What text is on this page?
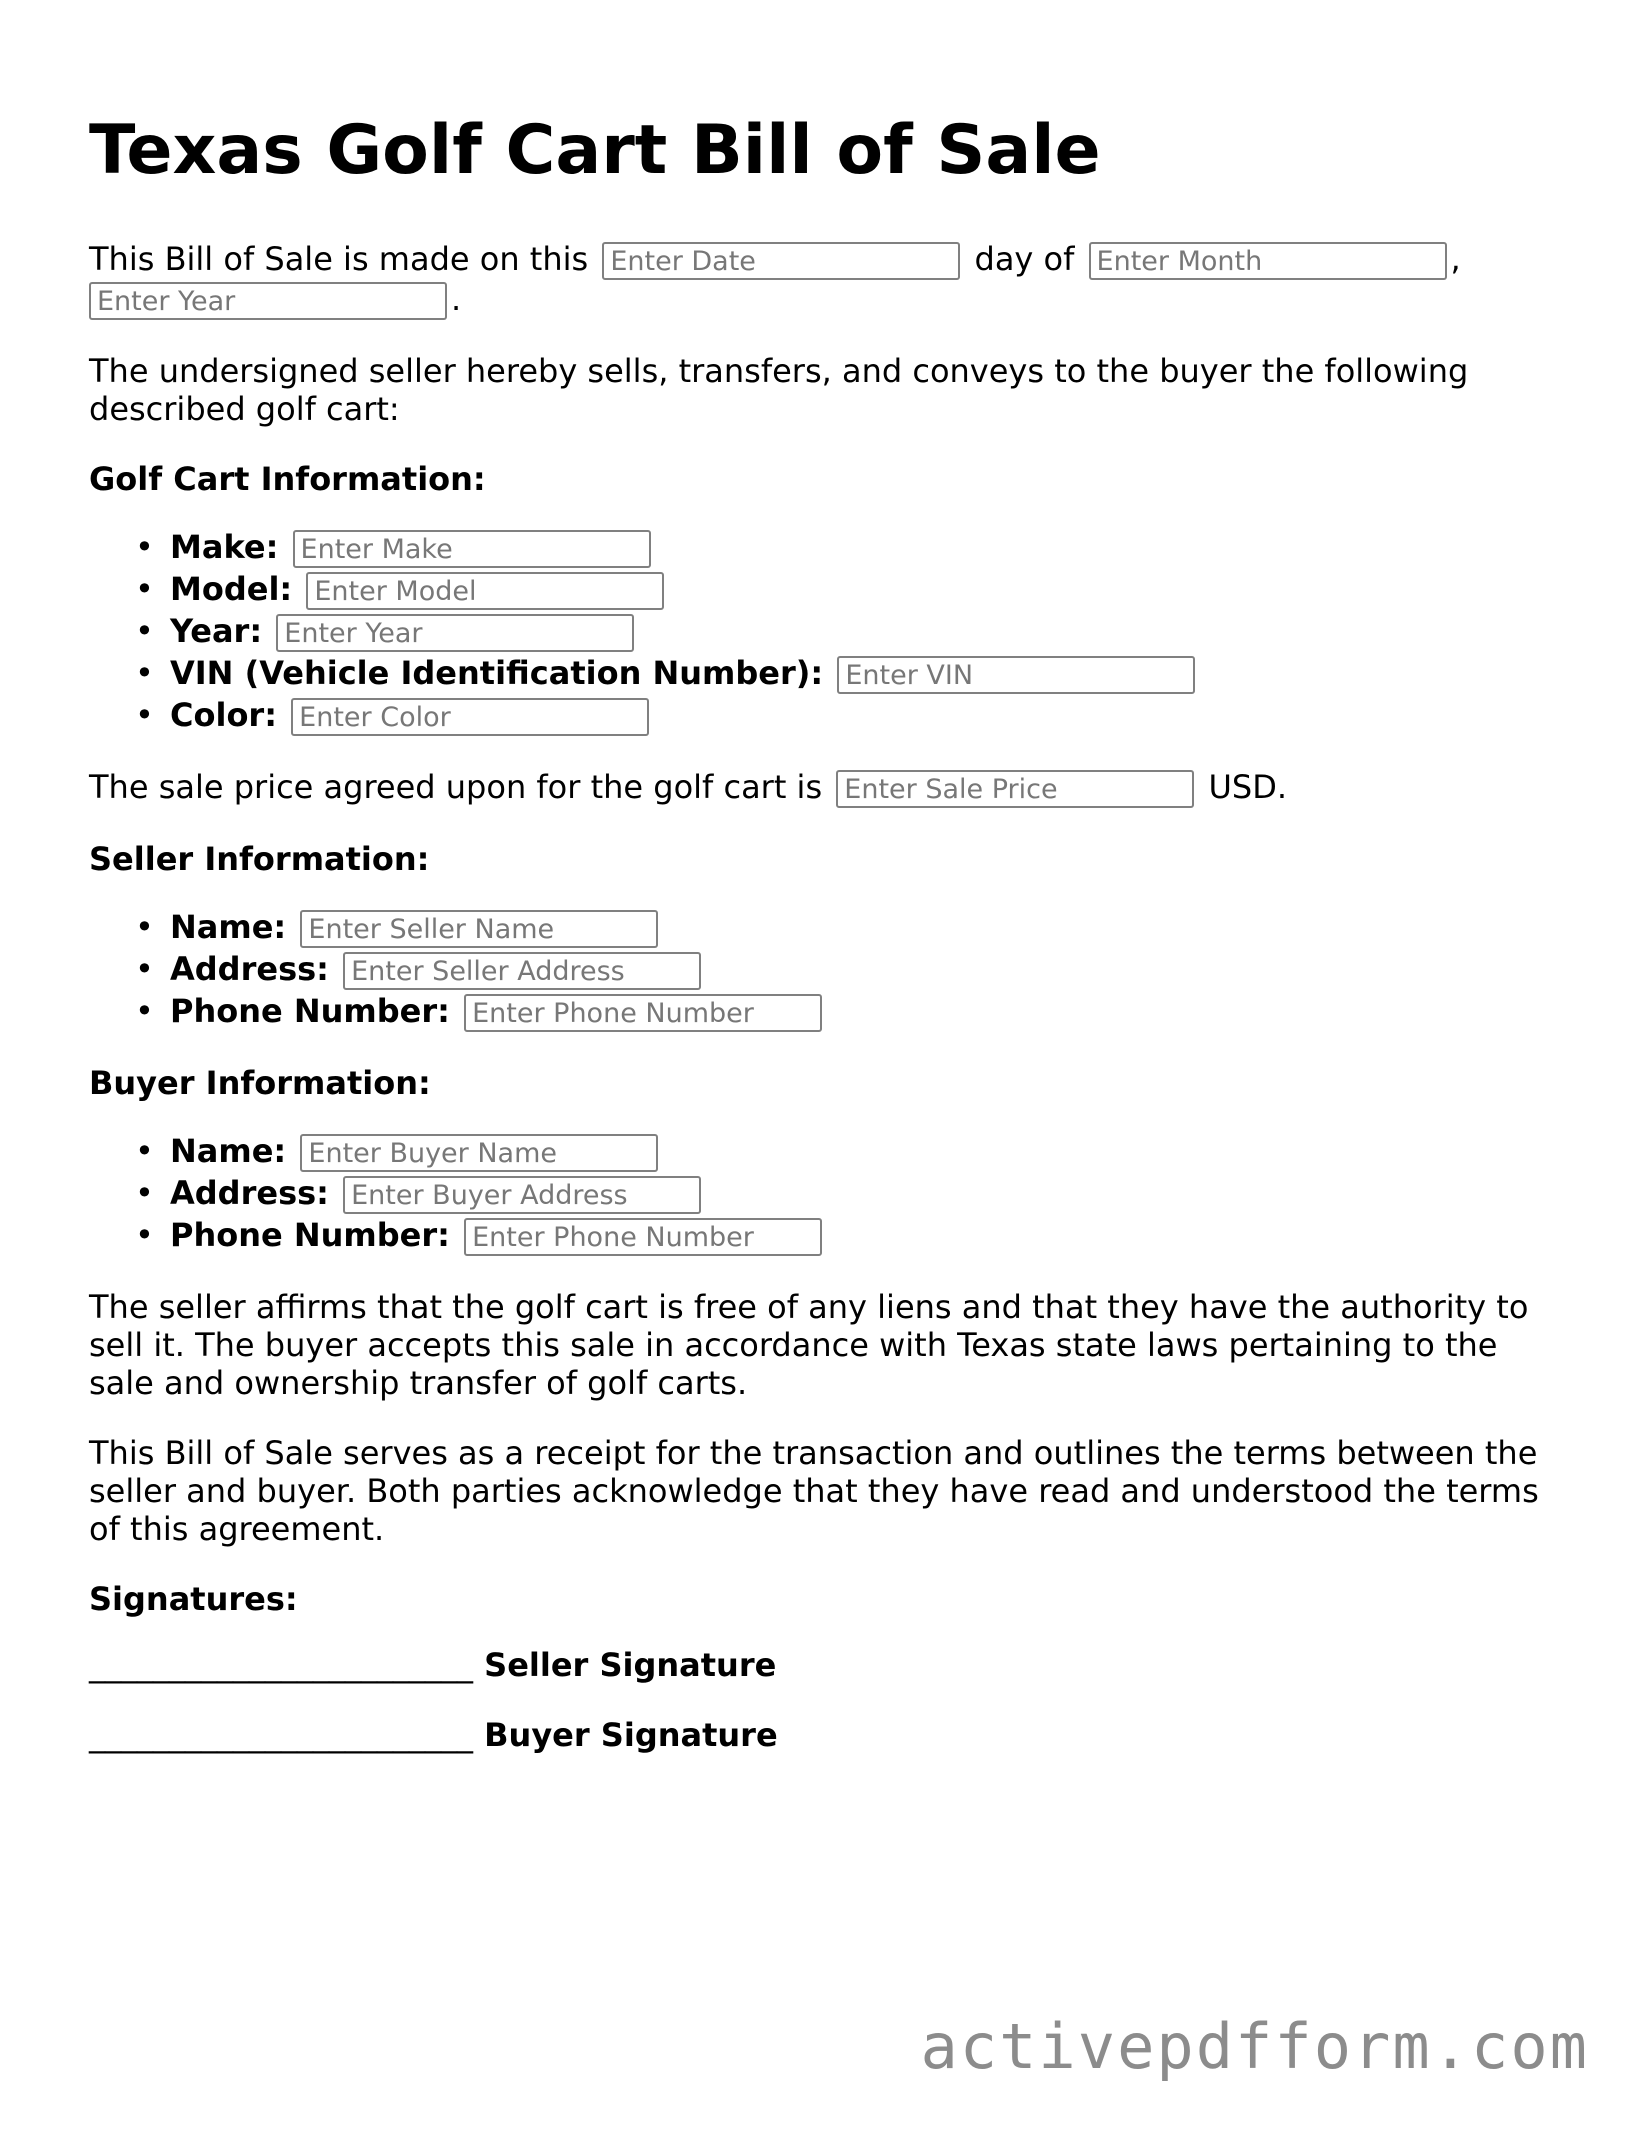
Texas Golf Cart Bill of Sale

This Bill of Sale is made on this Enter Date	day of Enter Month	,
Enter Year.

The undersigned seller hereby sells, transfers, and conveys to the buyer the following described golf cart:

Golf Cart Information:

• Make: Enter Make
• Model: Enter Model
• Year: Enter Year
• VIN (Vehicle Identification Number): Enter VIN
• Color: Enter Color

The sale price agreed upon for the golf cart is Enter Sale Price	USD.

Seller Information:

• Name: Enter Seller Name
• Address: Enter Seller Address
• Phone Number: Enter Phone Number

Buyer Information:

• Name: Enter Buyer Name
• Address: Enter Buyer Address
• Phone Number: Enter Phone Number

The seller affirms that the golf cart is free of any liens and that they have the authority to sell it. The buyer accepts this sale in accordance with Texas state laws pertaining to the sale and ownership transfer of golf carts.

This Bill of Sale serves as a receipt for the transaction and outlines the terms between the seller and buyer. Both parties acknowledge that they have read and understood the terms of this agreement.

Signatures:

________________________ Seller Signature
________________________ Buyer Signature
activepdfform.com
